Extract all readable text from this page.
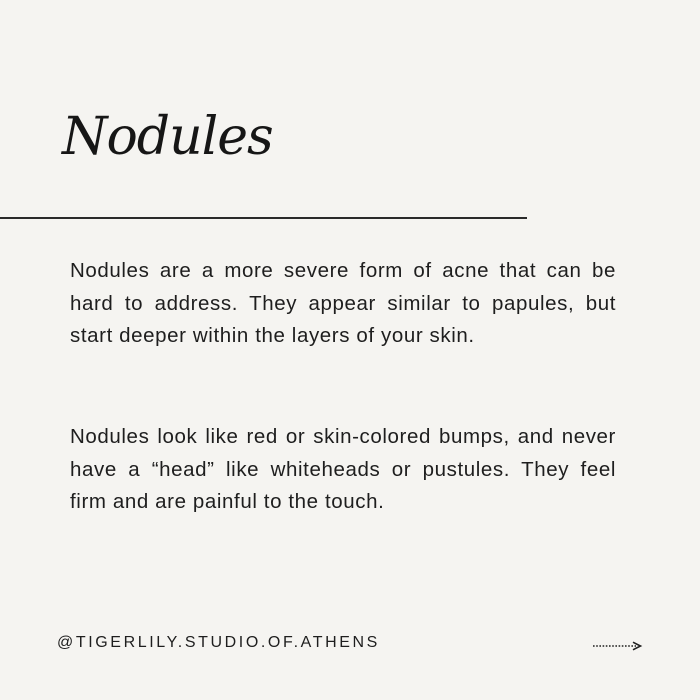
Nodules

Nodules are a more severe form of acne that can be hard to address. They appear similar to papules, but start deeper within the layers of your skin.

Nodules look like red or skin-colored bumps, and never have a “head” like whiteheads or pustules. They feel firm and are painful to the touch.

@TIGERLILY.STUDIO.OF.ATHENS
